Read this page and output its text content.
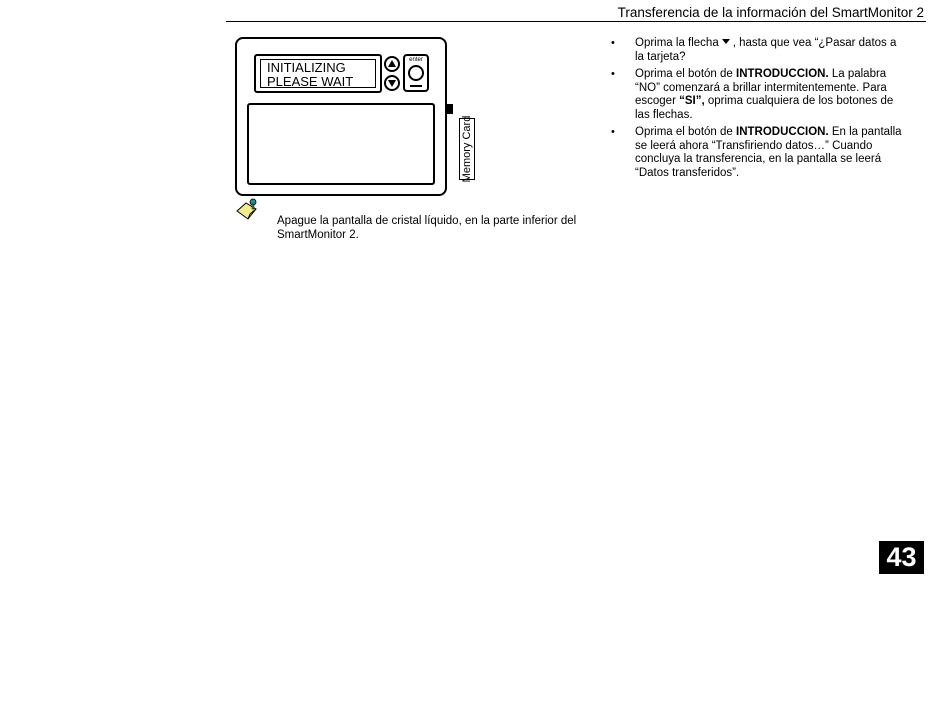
Transferencia de la información del SmartMonitor 2
INITIALIZING
PLEASE WAIT
enter
Memory Card
Apague la pantalla de cristal líquido, en la parte inferior del SmartMonitor 2.
• Oprima la flecha , hasta que vea “¿Pasar datos a la tarjeta?
• Oprima el botón de INTRODUCCION. La palabra “NO” comenzará a brillar intermitentemente. Para escoger “SI”, oprima cualquiera de los botones de las flechas.
• Oprima el botón de INTRODUCCION. En la pantalla se leerá ahora “Transfiriendo datos…” Cuando concluya la transferencia, en la pantalla se leerá “Datos transferidos”.
43
